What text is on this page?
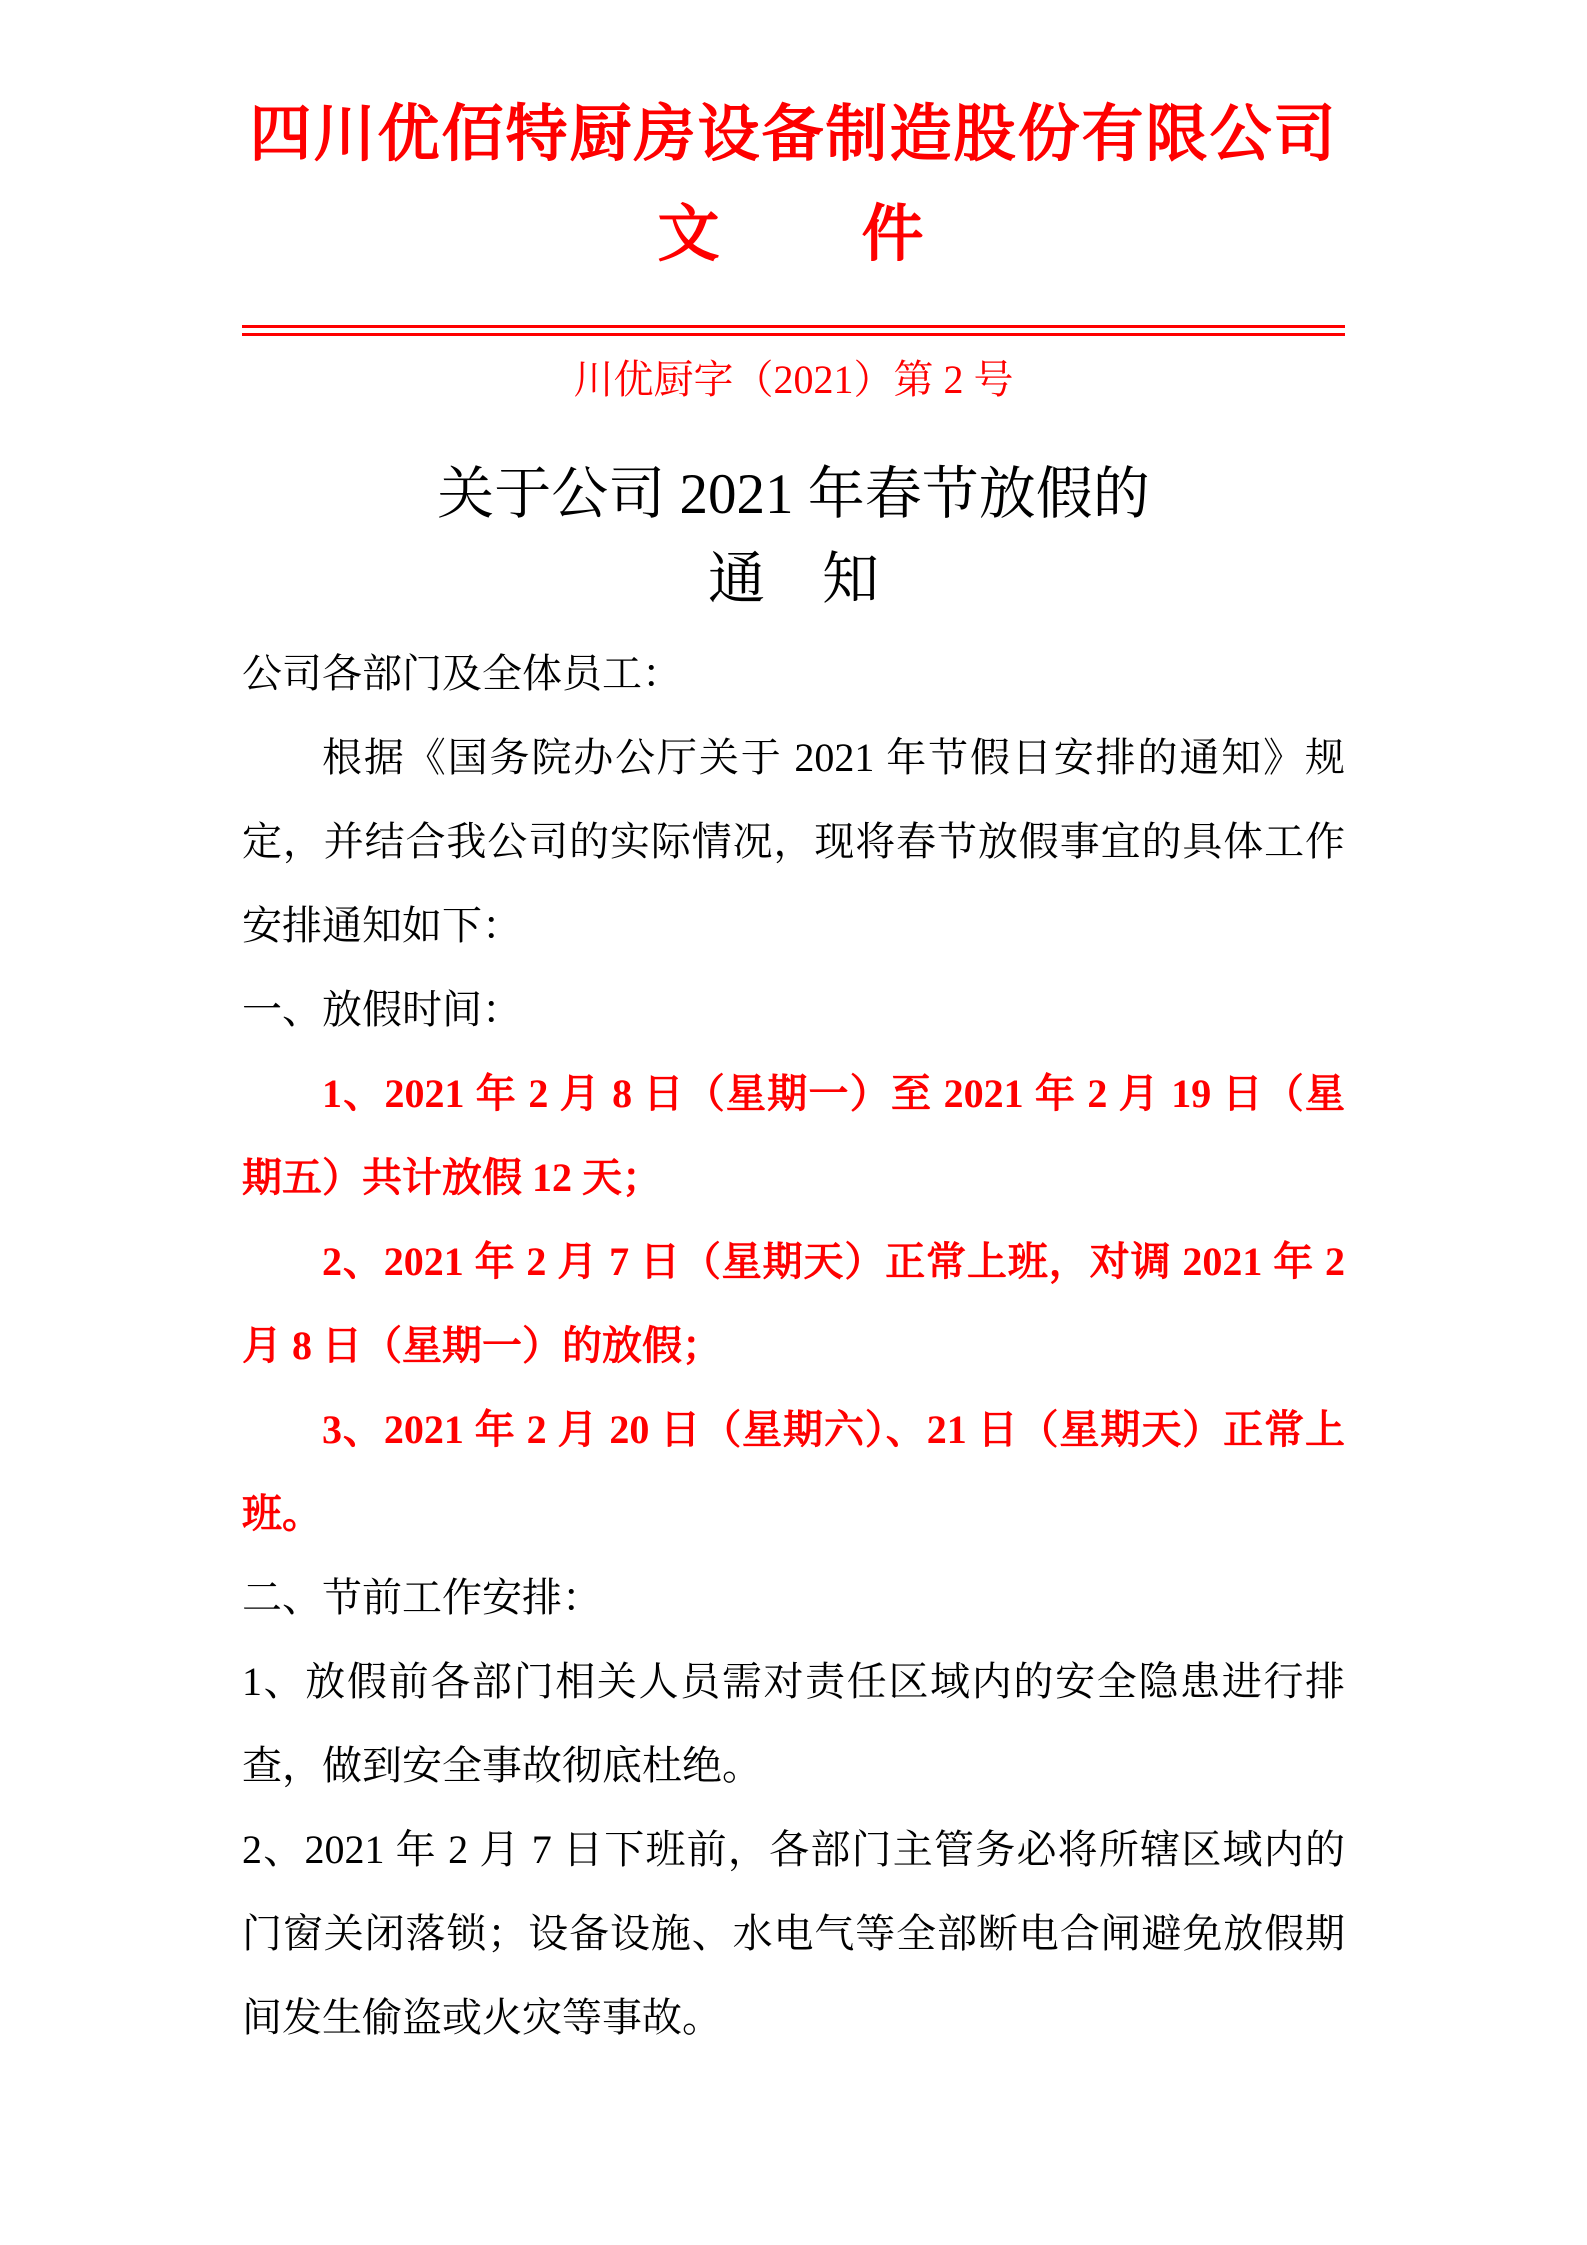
四川优佰特厨房设备制造股份有限公司
文　　件
川优厨字（2021）第 2 号
关于公司 2021 年春节放假的
通　知

公司各部门及全体员工：

根据《国务院办公厅关于 2021 年节假日安排的通知》规定，并结合我公司的实际情况，现将春节放假事宜的具体工作安排通知如下：

一、放假时间：

1、2021 年 2 月 8 日（星期一）至 2021 年 2 月 19 日（星期五）共计放假 12 天；

2、2021 年 2 月 7 日（星期天）正常上班，对调 2021 年 2 月 8 日（星期一）的放假；

3、2021 年 2 月 20 日（星期六）、21 日（星期天）正常上班。

二、节前工作安排：

1、放假前各部门相关人员需对责任区域内的安全隐患进行排查，做到安全事故彻底杜绝。

2、2021 年 2 月 7 日下班前，各部门主管务必将所辖区域内的门窗关闭落锁；设备设施、水电气等全部断电合闸避免放假期间发生偷盗或火灾等事故。
